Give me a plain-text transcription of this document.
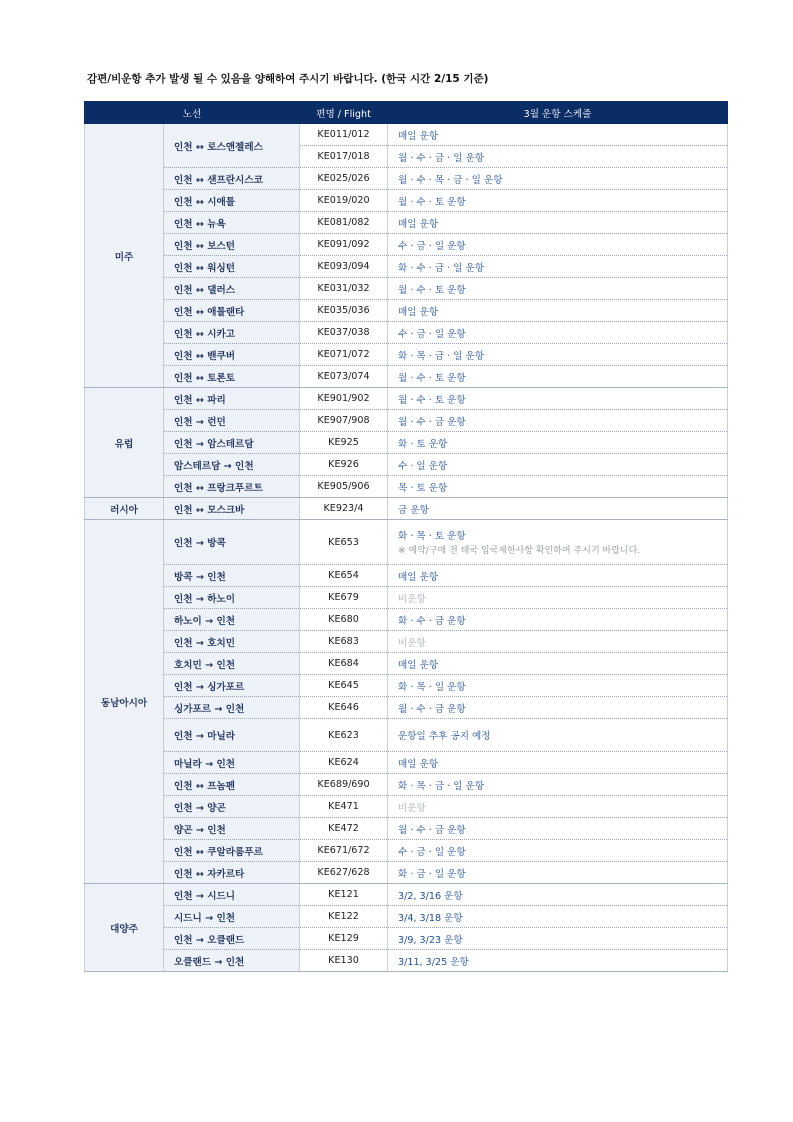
감편/비운항 추가 발생 될 수 있음을 양해하여 주시기 바랍니다. (한국 시간 2/15 기준)
노선		편명 / Flight	3월 운항 스케줄
미주	인천 ↔ 로스앤젤레스	KE011/012	매일 운항
		KE017/018	월 · 수 · 금 · 일 운항
	인천 ↔ 샌프란시스코	KE025/026	월 · 수 · 목 · 금 · 일 운항
	인천 ↔ 시애틀	KE019/020	월 · 수 · 토 운항
	인천 ↔ 뉴욕	KE081/082	매일 운항
	인천 ↔ 보스턴	KE091/092	수 · 금 · 일 운항
	인천 ↔ 워싱턴	KE093/094	화 · 수 · 금 · 일 운항
	인천 ↔ 댈러스	KE031/032	월 · 수 · 토 운항
	인천 ↔ 애틀랜타	KE035/036	매일 운항
	인천 ↔ 시카고	KE037/038	수 · 금 · 일 운항
	인천 ↔ 밴쿠버	KE071/072	화 · 목 · 금 · 일 운항
	인천 ↔ 토론토	KE073/074	월 · 수 · 토 운항
유럽	인천 ↔ 파리	KE901/902	월 · 수 · 토 운항
	인천 → 런던	KE907/908	월 · 수 · 금 운항
	인천 → 암스테르담	KE925	화 · 토 운항
	암스테르담 → 인천	KE926	수 · 일 운항
	인천 ↔ 프랑크푸르트	KE905/906	목 · 토 운항
러시아	인천 ↔ 모스크바	KE923/4	금 운항
동남아시아	인천 → 방콕	KE653	화 · 목 · 토 운항
※ 예약/구매 전 태국 입국제한사항 확인하여 주시기 바랍니다.

	방콕 → 인천	KE654	매일 운항
	인천 → 하노이	KE679	비운항
	하노이 → 인천	KE680	화 · 수 · 금 운항
	인천 → 호치민	KE683	비운항
	호치민 → 인천	KE684	매일 운항
	인천 → 싱가포르	KE645	화 · 목 · 일 운항
	싱가포르 → 인천	KE646	월 · 수 · 금 운항
	인천 → 마닐라	KE623	운항일 추후 공지 예정
	마닐라 → 인천	KE624	매일 운항
	인천 ↔ 프놈펜	KE689/690	화 · 목 · 금 · 일 운항
	인천 → 양곤	KE471	비운항
	양곤 → 인천	KE472	월 · 수 · 금 운항
	인천 ↔ 쿠알라룸푸르	KE671/672	수 · 금 · 일 운항
	인천 ↔ 자카르타	KE627/628	화 · 금 · 일 운항
대양주	인천 → 시드니	KE121	3/2, 3/16 운항
	시드니 → 인천	KE122	3/4, 3/18 운항
	인천 → 오클랜드	KE129	3/9, 3/23 운항
	오클랜드 → 인천	KE130	3/11, 3/25 운항
